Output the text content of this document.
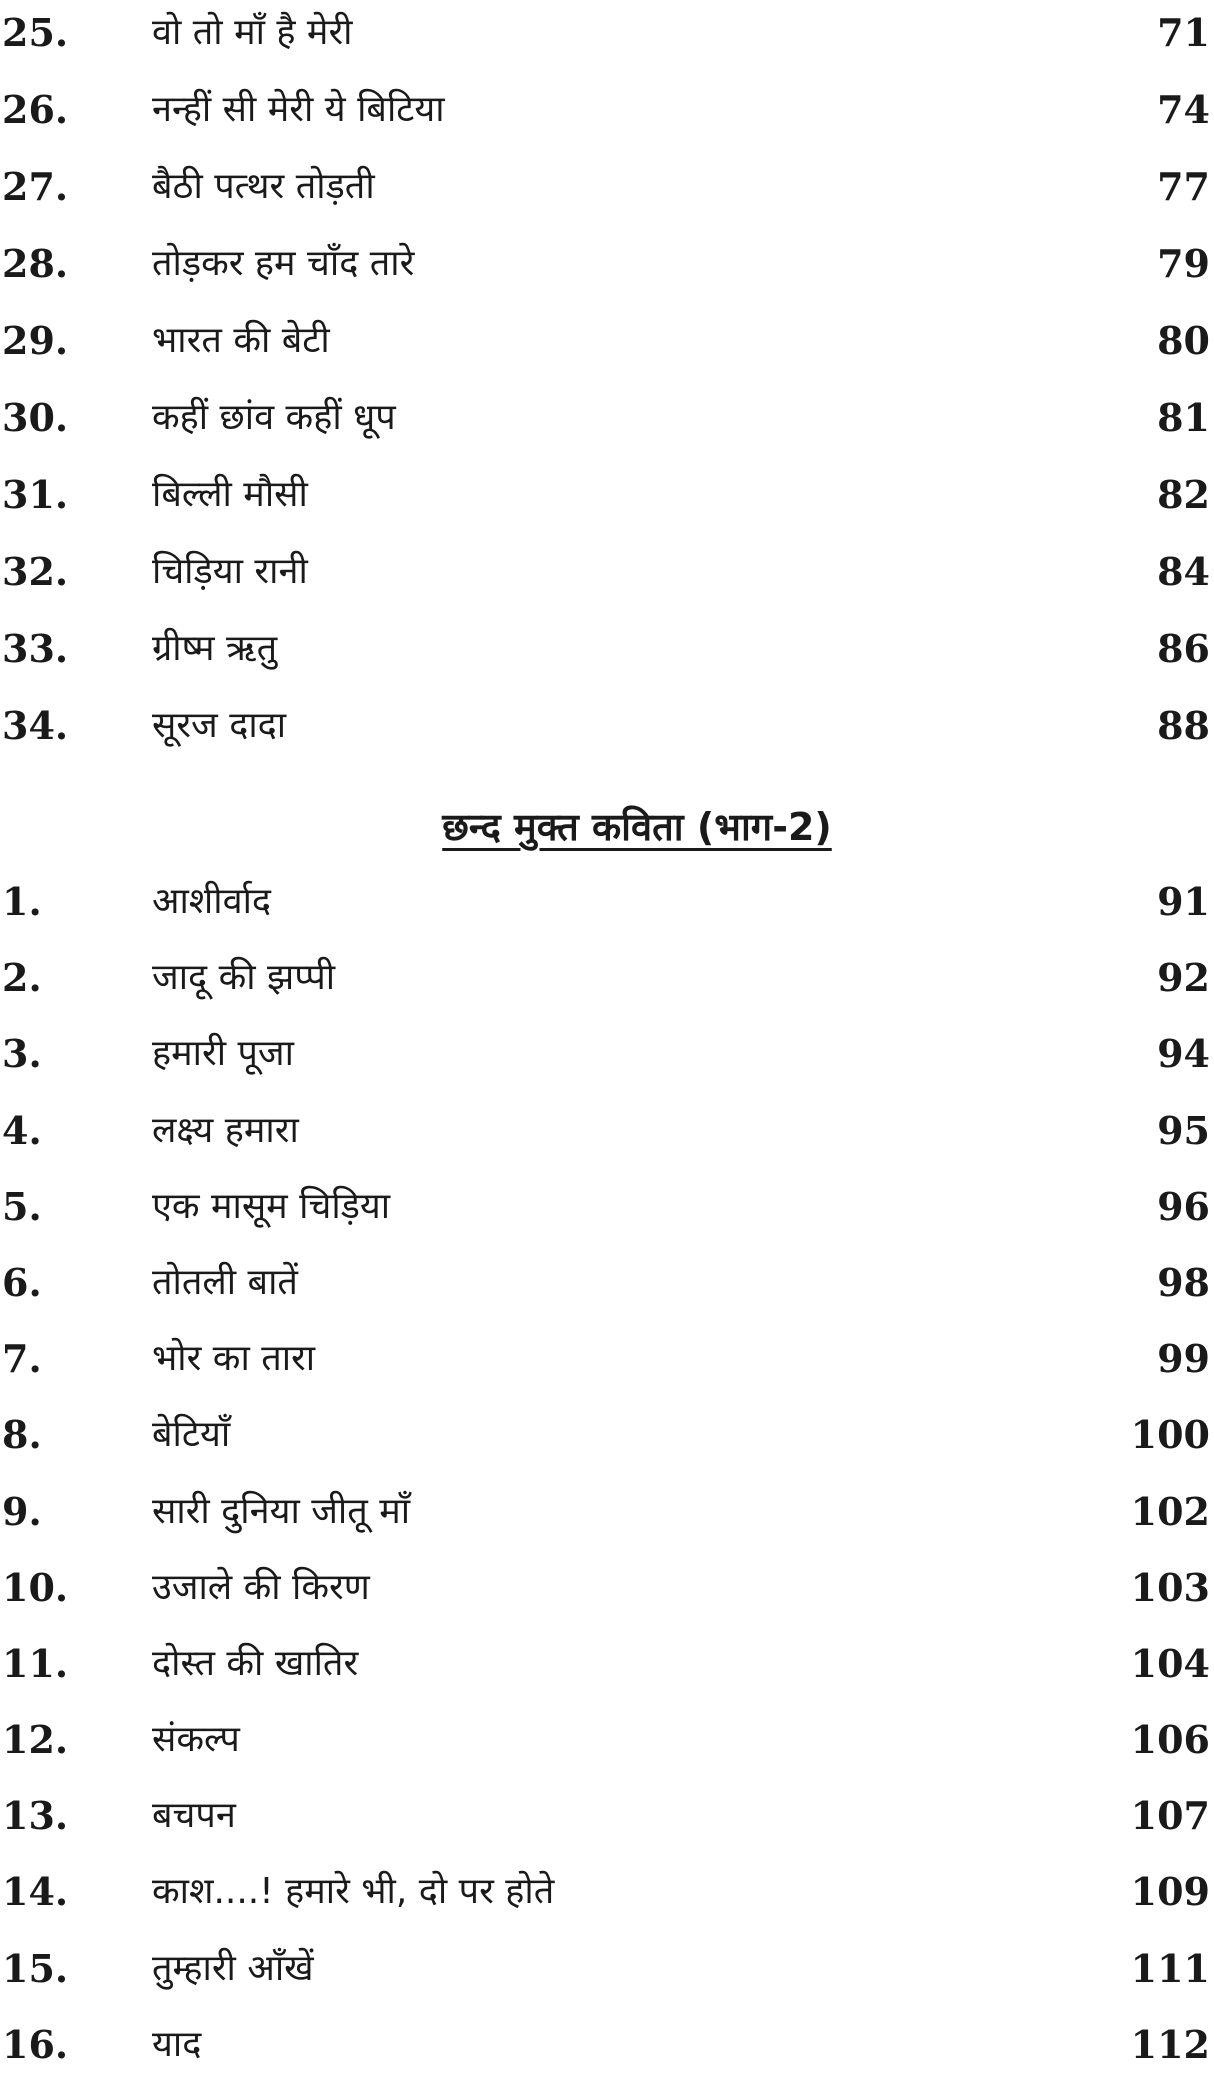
25. वो तो माँ है मेरी	71
26. नन्हीं सी मेरी ये बिटिया	74
27. बैठी पत्थर तोड़ती	77
28. तोड़कर हम चाँद तारे	79
29. भारत की बेटी	80
30. कहीं छांव कहीं धूप	81
31. बिल्ली मौसी	82
32. चिड़िया रानी	84
33. ग्रीष्म ऋतु	86
34. सूरज दादा	88
छन्द मुक्त कविता (भाग-2)
1.	आशीर्वाद	91
2.	जादू की झप्पी	92
3.	हमारी पूजा	94
4.	लक्ष्य हमारा	95
5.	एक मासूम चिड़िया	96
6.	तोतली बातें	98
7.	भोर का तारा	99
8.	बेटियाँ	100
9.	सारी दुनिया जीतू माँ	102
10. उजाले की किरण	103
11. दोस्त की खातिर	104
12. संकल्प	106
13. बचपन	107
14. काश....! हमारे भी, दो पर होते	109
15. तुम्हारी आँखें	111
16. याद	112
